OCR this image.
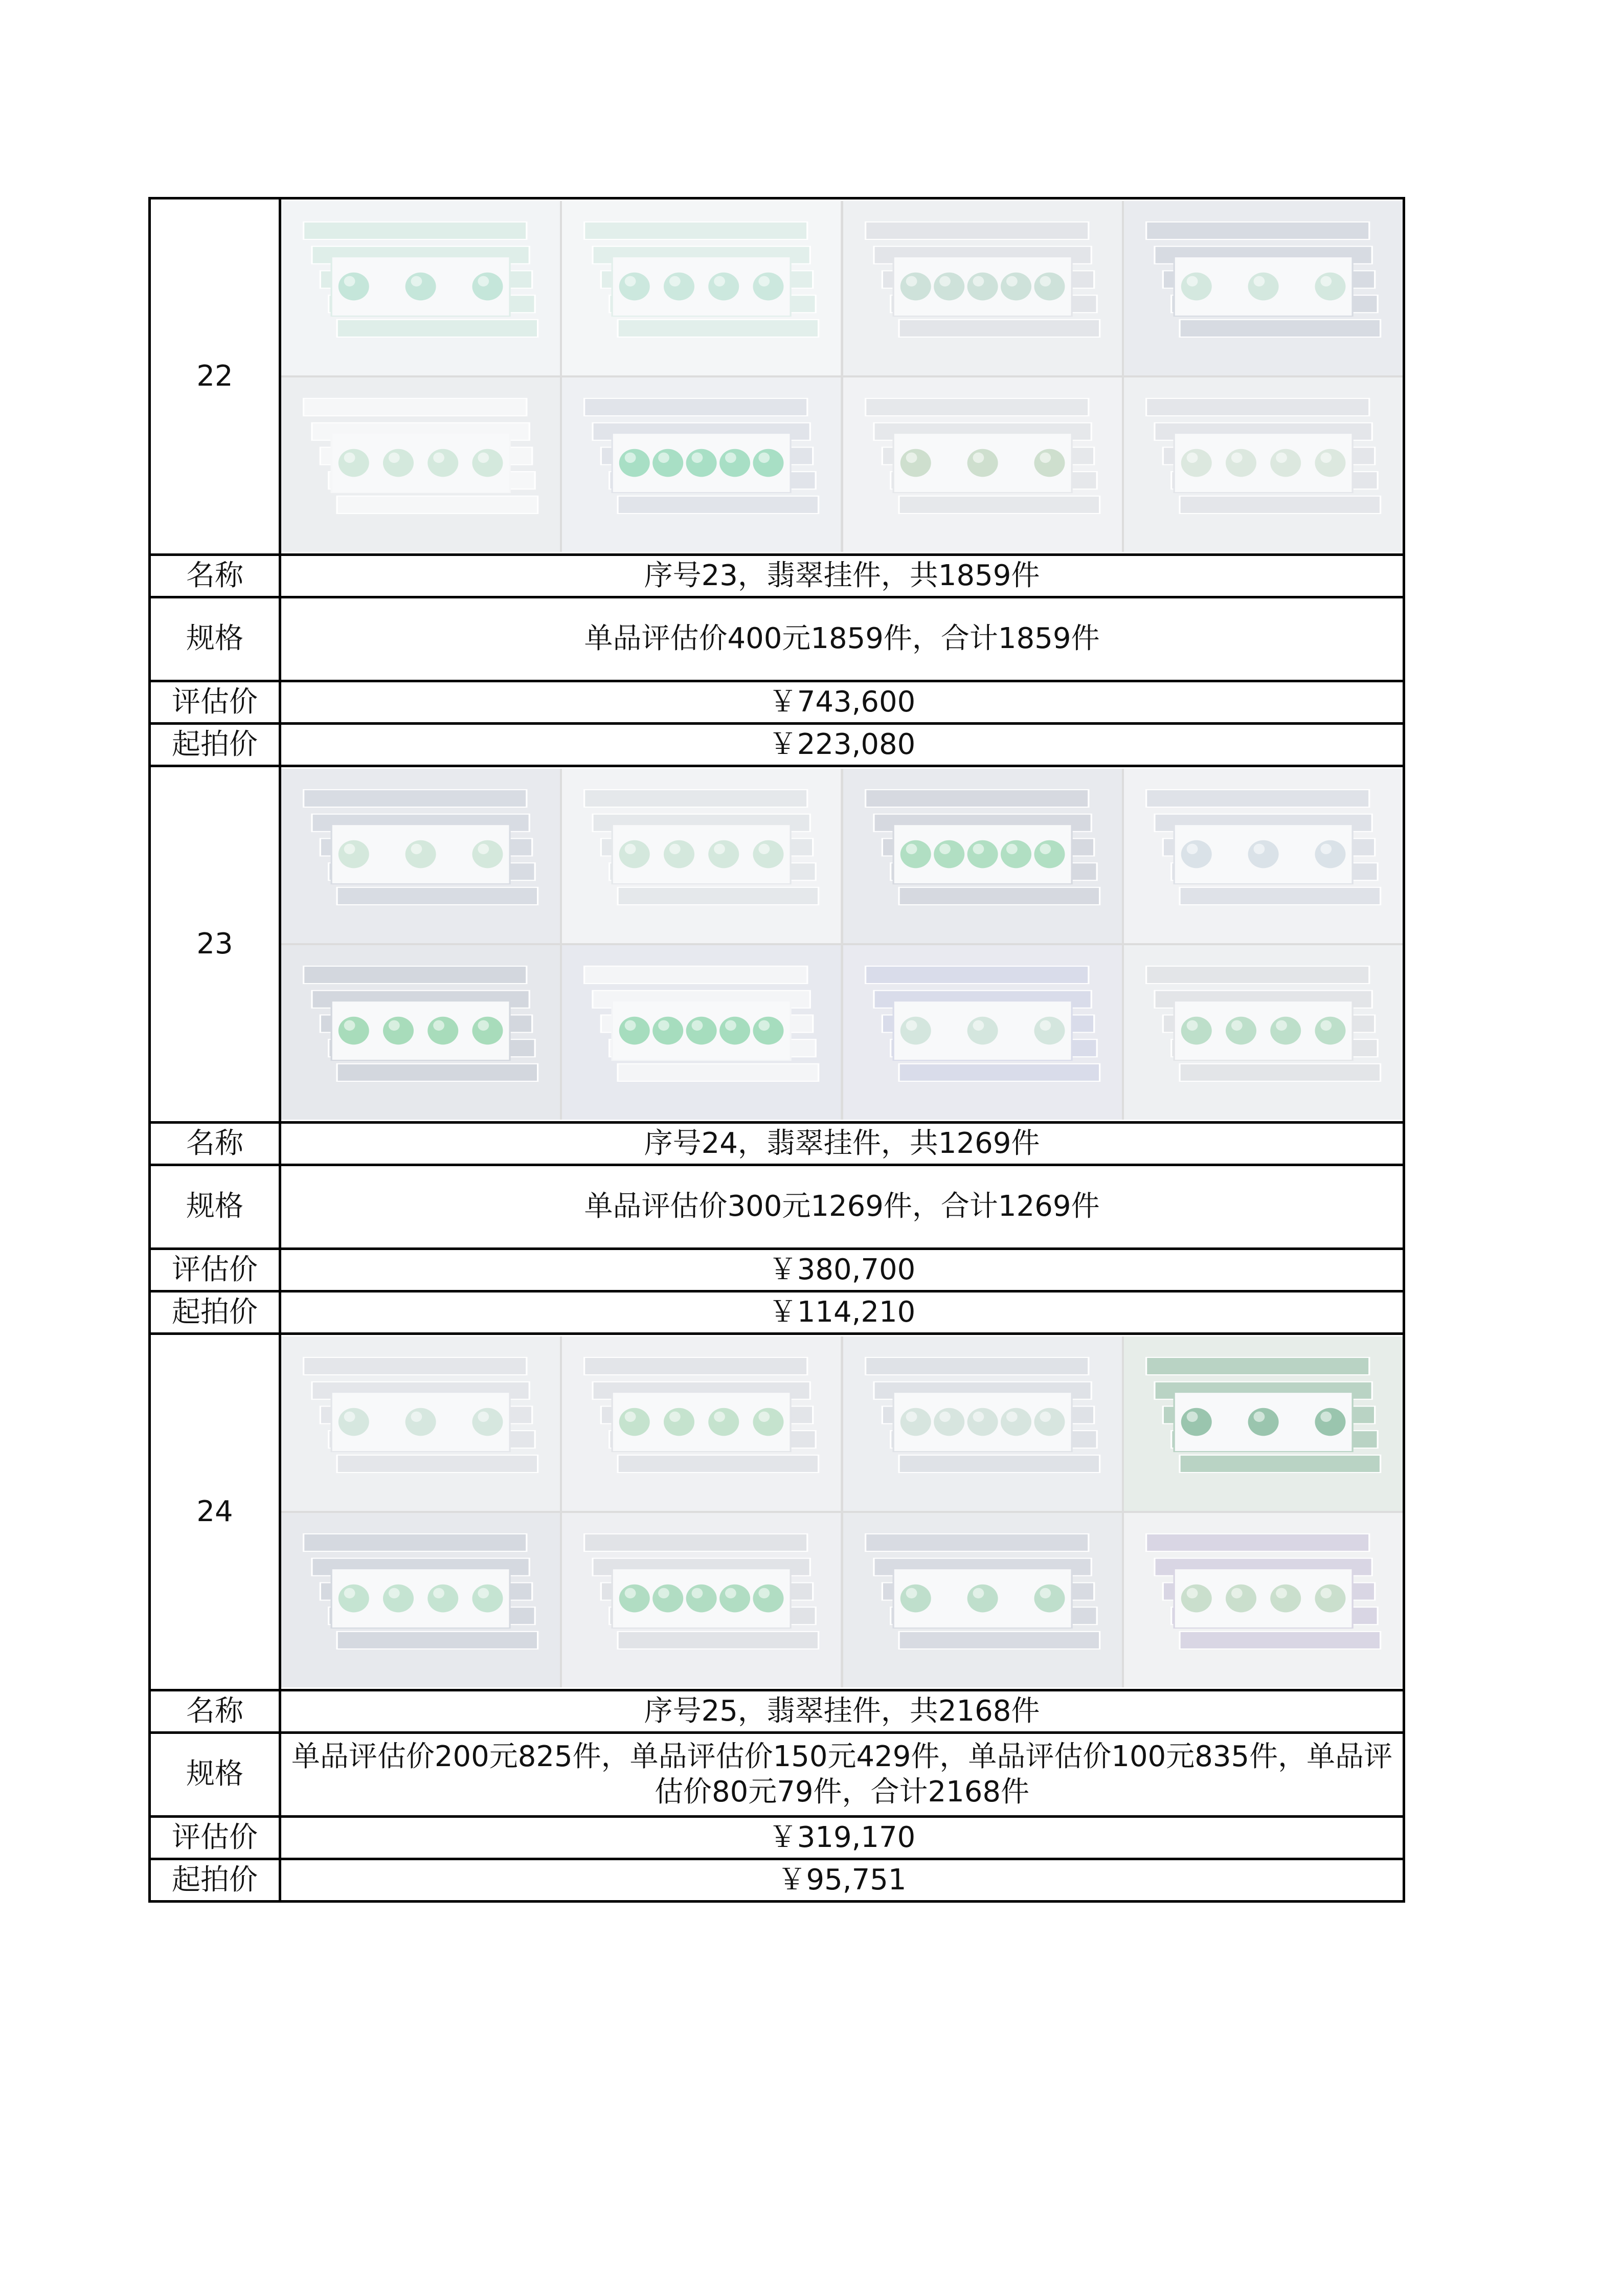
22	

名称	序号23，翡翠挂件，共1859件
规格	单品评估价400元1859件，合计1859件
评估价	￥743,600
起拍价	￥223,080
23	

名称	序号24，翡翠挂件，共1269件
规格	单品评估价300元1269件，合计1269件
评估价	￥380,700
起拍价	￥114,210
24	

名称	序号25，翡翠挂件，共2168件
规格	单品评估价200元825件，单品评估价150元429件，单品评估价100元835件，单品评估价80元79件，合计2168件
评估价	￥319,170
起拍价	￥95,751
